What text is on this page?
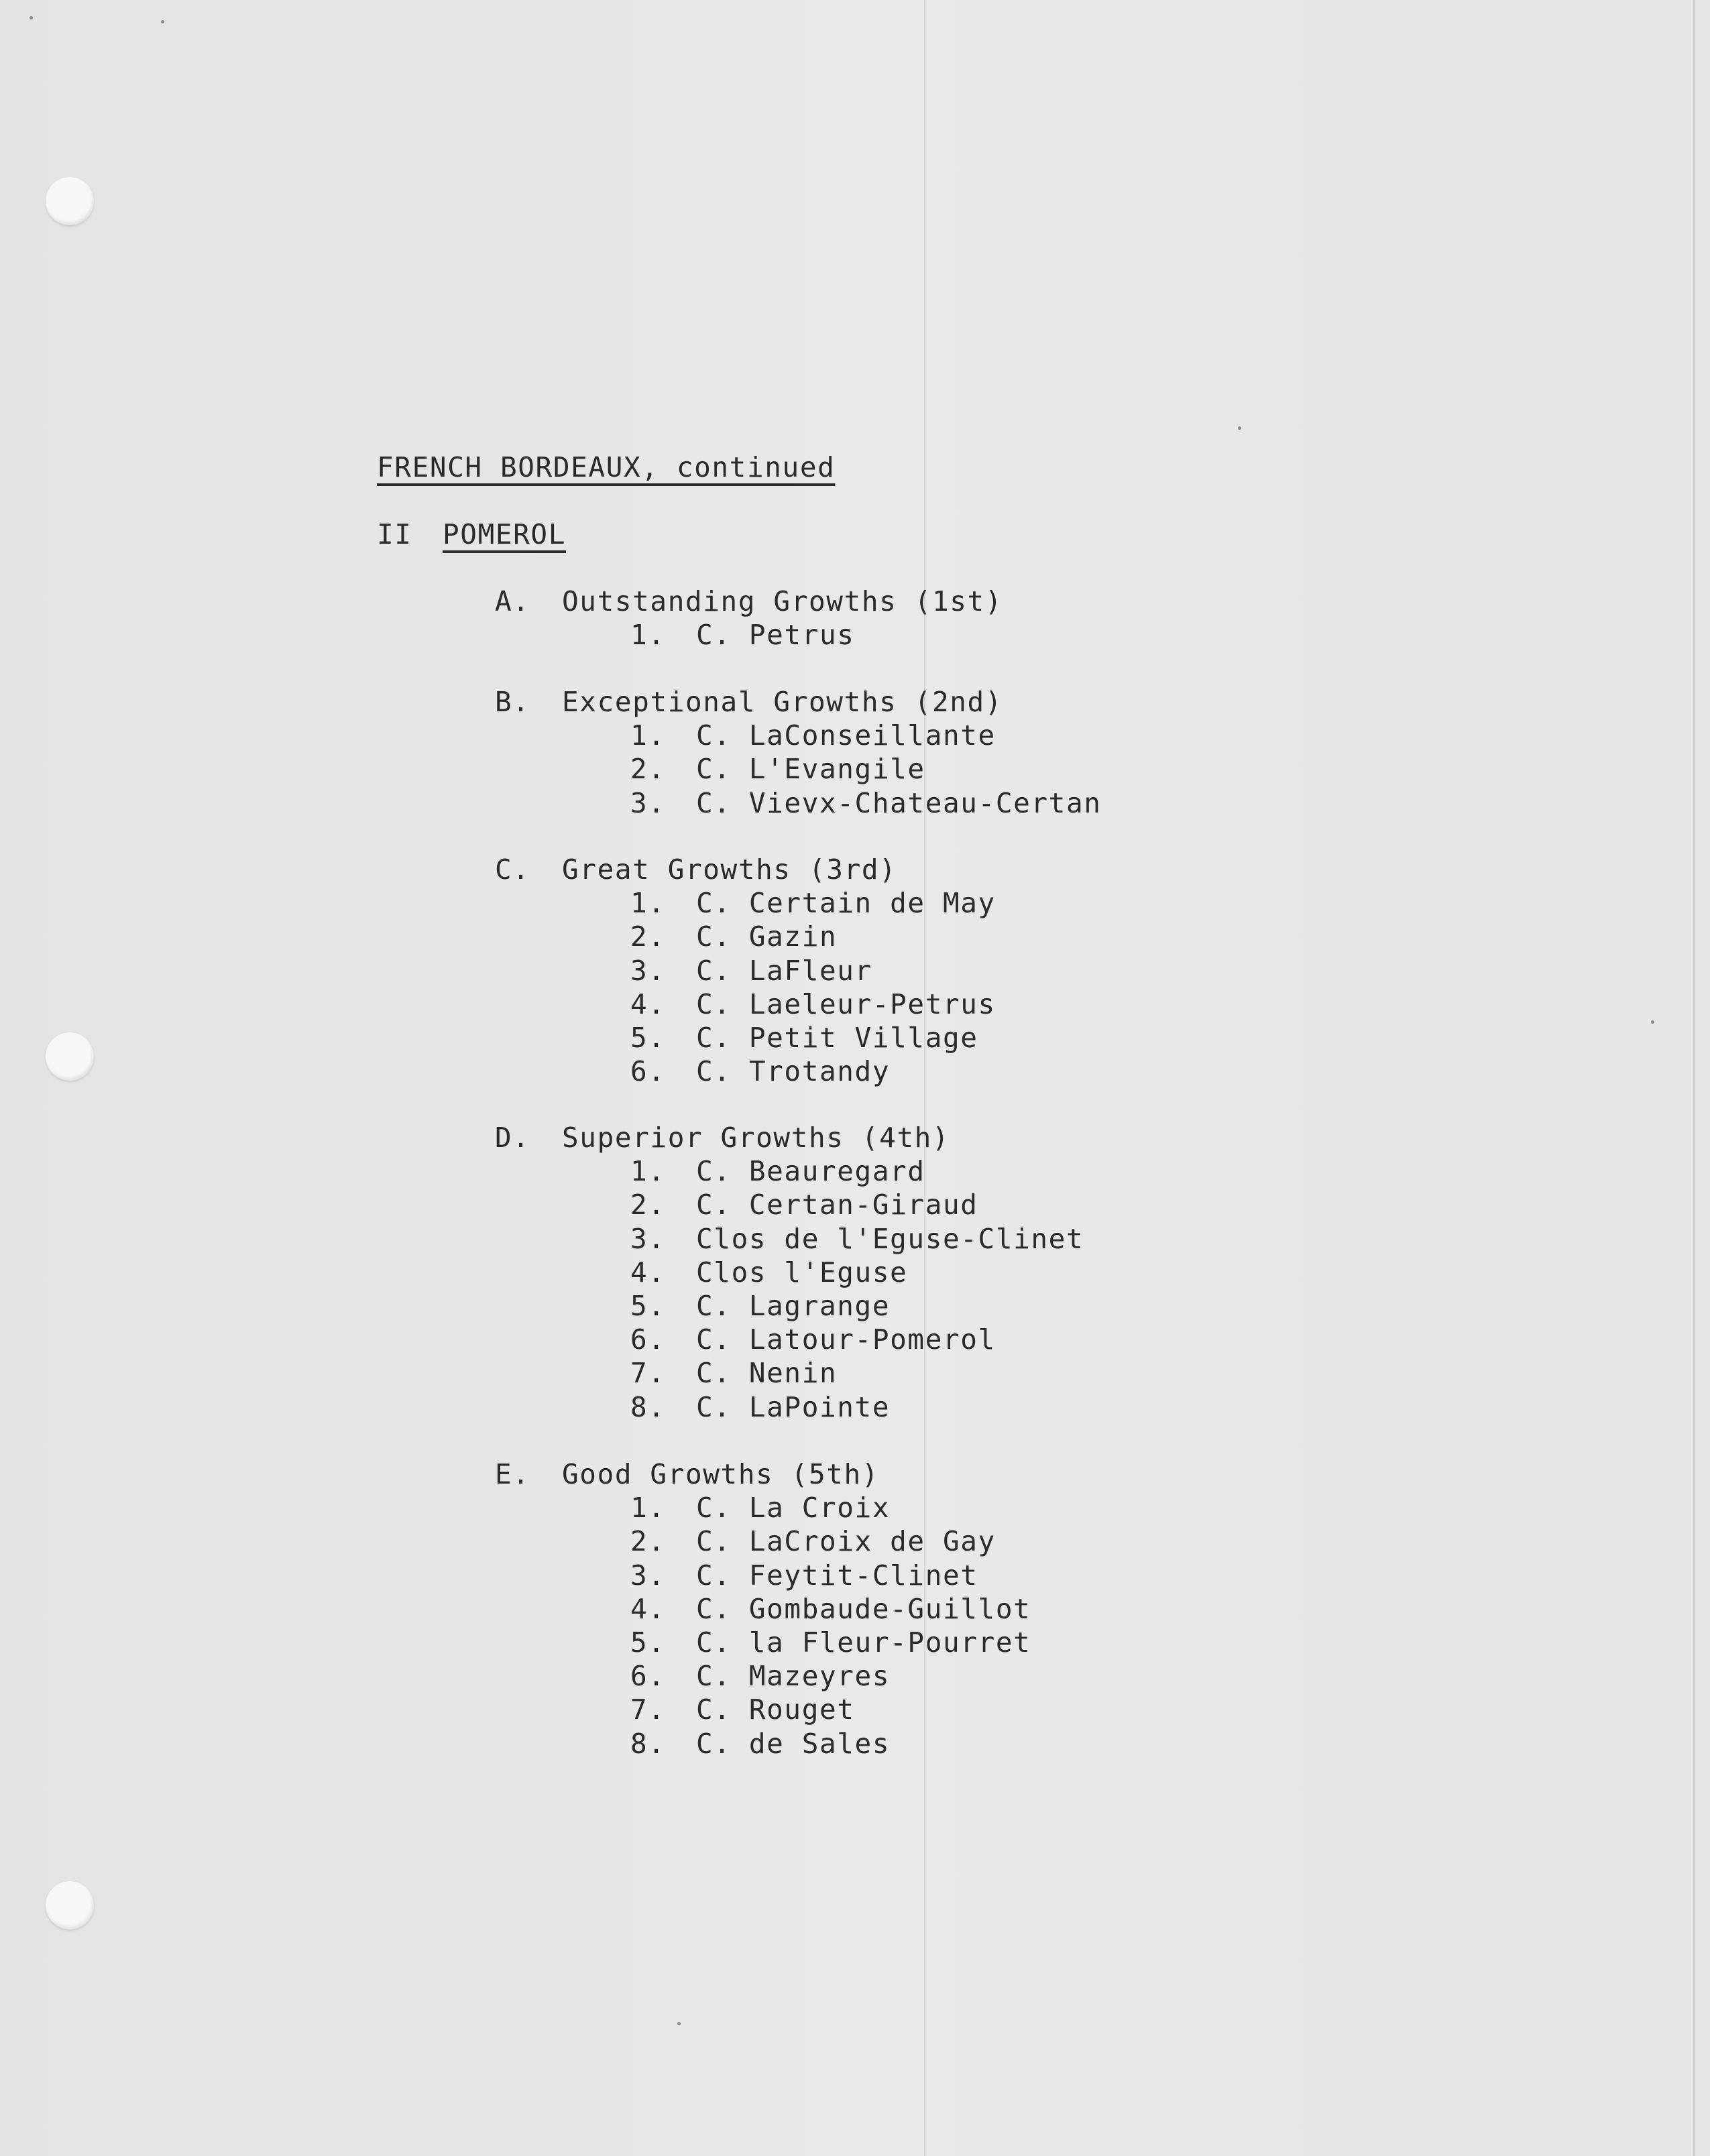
FRENCH BORDEAUX, continued
II POMEROL
A. Outstanding Growths (1st)
1. C. Petrus
B. Exceptional Growths (2nd)
1. C. LaConseillante
2. C. L'Evangile
3. C. Vievx-Chateau-Certan
C. Great Growths (3rd)
1. C. Certain de May
2. C. Gazin
3. C. LaFleur
4. C. Laeleur-Petrus
5. C. Petit Village
6. C. Trotandy
D. Superior Growths (4th)
1. C. Beauregard
2. C. Certan-Giraud
3. Clos de l'Eguse-Clinet
4. Clos l'Eguse
5. C. Lagrange
6. C. Latour-Pomerol
7. C. Nenin
8. C. LaPointe
E. Good Growths (5th)
1. C. La Croix
2. C. LaCroix de Gay
3. C. Feytit-Clinet
4. C. Gombaude-Guillot
5. C. la Fleur-Pourret
6. C. Mazeyres
7. C. Rouget
8. C. de Sales
